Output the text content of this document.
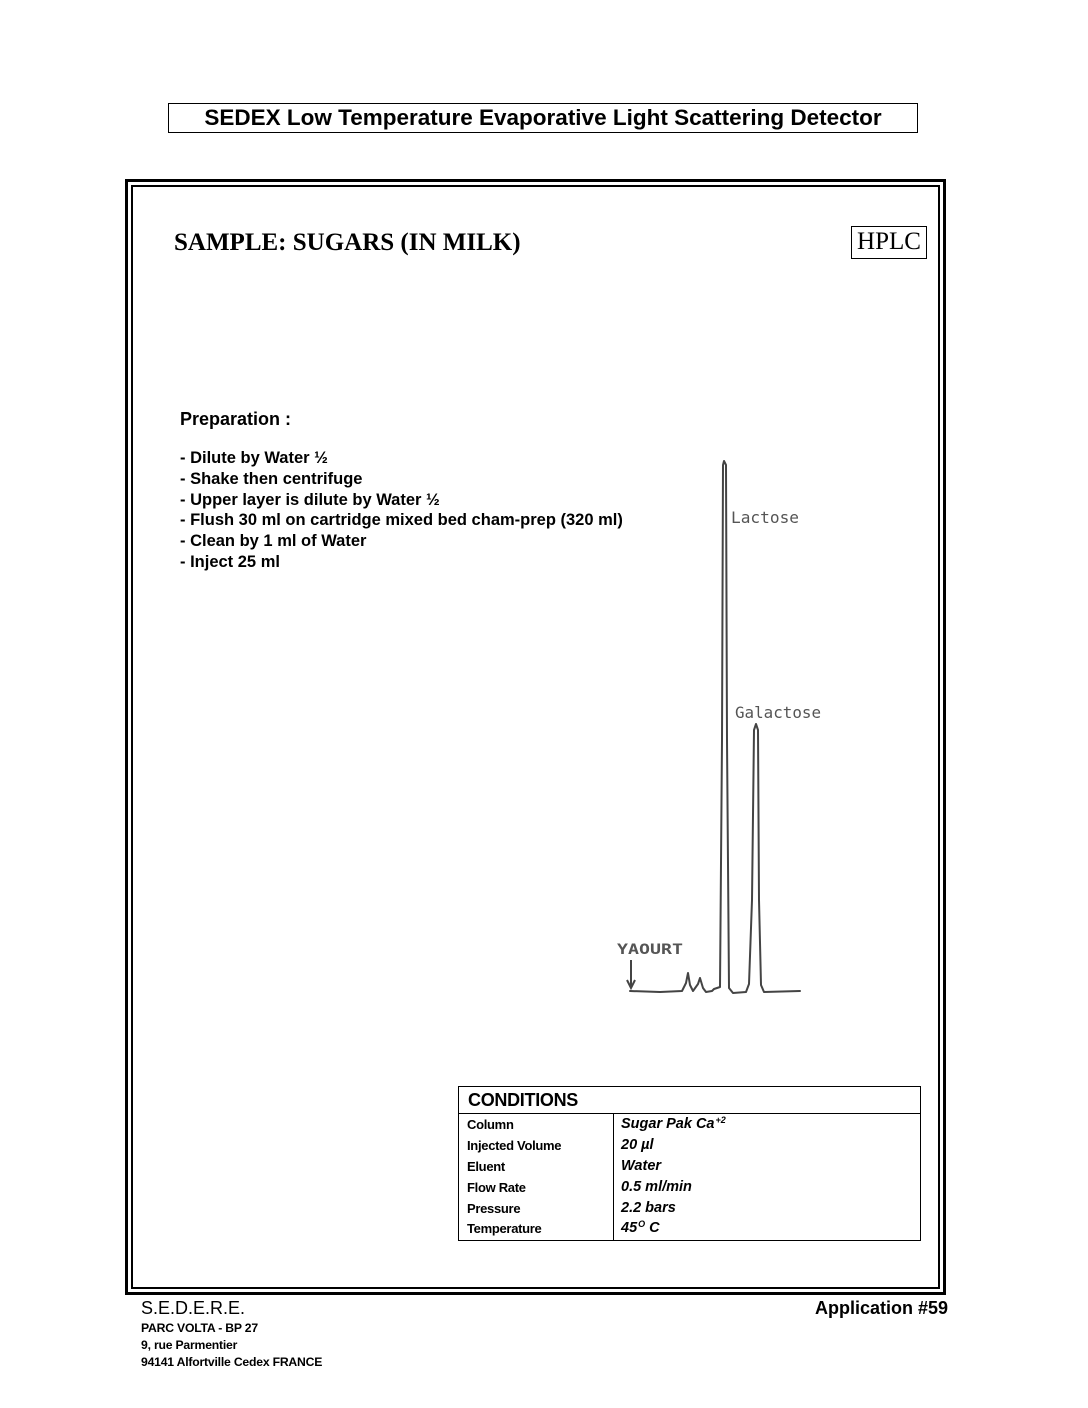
SEDEX Low Temperature Evaporative Light Scattering Detector
SAMPLE: SUGARS (IN MILK)	HPLC
Preparation :
- Dilute by Water ½
- Shake then centrifuge
- Upper layer is dilute by Water ½
- Flush 30 ml on cartridge mixed bed cham-prep (320 ml)
- Clean by 1 ml of Water
- Inject 25 ml
YAOURT
Lactose
Galactose
CONDITIONS
Column	Sugar Pak $Ca^{+2}$
Injected Volume	20 µl
Eluent	Water
Flow Rate	0.5 ml/min
Pressure	2.2 bars
Temperature	$45^O$ C
S.E.D.E.R.E.

PARC VOLTA - BP 27

9, rue Parmentier

94141 Alfortville Cedex FRANCE

Application #59
